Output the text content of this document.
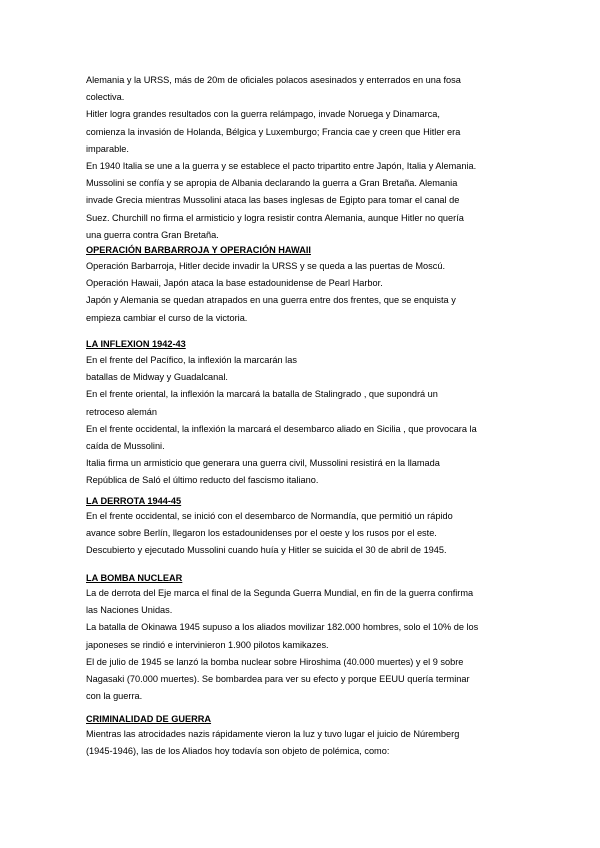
Alemania y la URSS, más de 20m de oficiales polacos asesinados y enterrados en una fosa
colectiva.
Hitler logra grandes resultados con la guerra relámpago, invade Noruega y Dinamarca,
comienza la invasión de Holanda, Bélgica y Luxemburgo; Francia cae y creen que Hitler era
imparable.
En 1940 Italia se une a la guerra y se establece el pacto tripartito entre Japón, Italia y Alemania.
Mussolini se confía y se apropia de Albania declarando la guerra a Gran Bretaña. Alemania
invade Grecia mientras Mussolini ataca las bases inglesas de Egipto para tomar el canal de
Suez. Churchill no firma el armisticio y logra resistir contra Alemania, aunque Hitler no quería
una guerra contra Gran Bretaña.
OPERACIÓN BARBARROJA Y OPERACIÓN HAWAII
Operación Barbarroja, Hitler decide invadir la URSS y se queda a las puertas de Moscú.
Operación Hawaii, Japón ataca la base estadounidense de Pearl Harbor.
Japón y Alemania se quedan atrapados en una guerra entre dos frentes, que se enquista y
empieza cambiar el curso de la victoria.
LA INFLEXION 1942-43
En el frente del Pacífico, la inflexión la marcarán las
batallas de Midway y Guadalcanal.
En el frente oriental, la inflexión la marcará la batalla de Stalingrado , que supondrá un
retroceso alemán
En el frente occidental, la inflexión la marcará el desembarco aliado en Sicilia , que provocara la
caída de Mussolini.
Italia firma un armisticio que generara una guerra civil, Mussolini resistirá en la llamada
República de Saló el último reducto del fascismo italiano.
LA DERROTA 1944-45
En el frente occidental, se inició con el desembarco de Normandía, que permitió un rápido
avance sobre Berlín, llegaron los estadounidenses por el oeste y los rusos por el este.
Descubierto y ejecutado Mussolini cuando huía y Hitler se suicida el 30 de abril de 1945.
LA BOMBA NUCLEAR
La de derrota del Eje marca el final de la Segunda Guerra Mundial, en fin de la guerra confirma
las Naciones Unidas.
La batalla de Okinawa 1945 supuso a los aliados movilizar 182.000 hombres, solo el 10% de los
japoneses se rindió e intervinieron 1.900 pilotos kamikazes.
El de julio de 1945 se lanzó la bomba nuclear sobre Hiroshima (40.000 muertes) y el 9 sobre
Nagasaki (70.000 muertes). Se bombardea para ver su efecto y porque EEUU quería terminar
con la guerra.
CRIMINALIDAD DE GUERRA
Mientras las atrocidades nazis rápidamente vieron la luz y tuvo lugar el juicio de Núremberg
(1945-1946), las de los Aliados hoy todavía son objeto de polémica, como:
